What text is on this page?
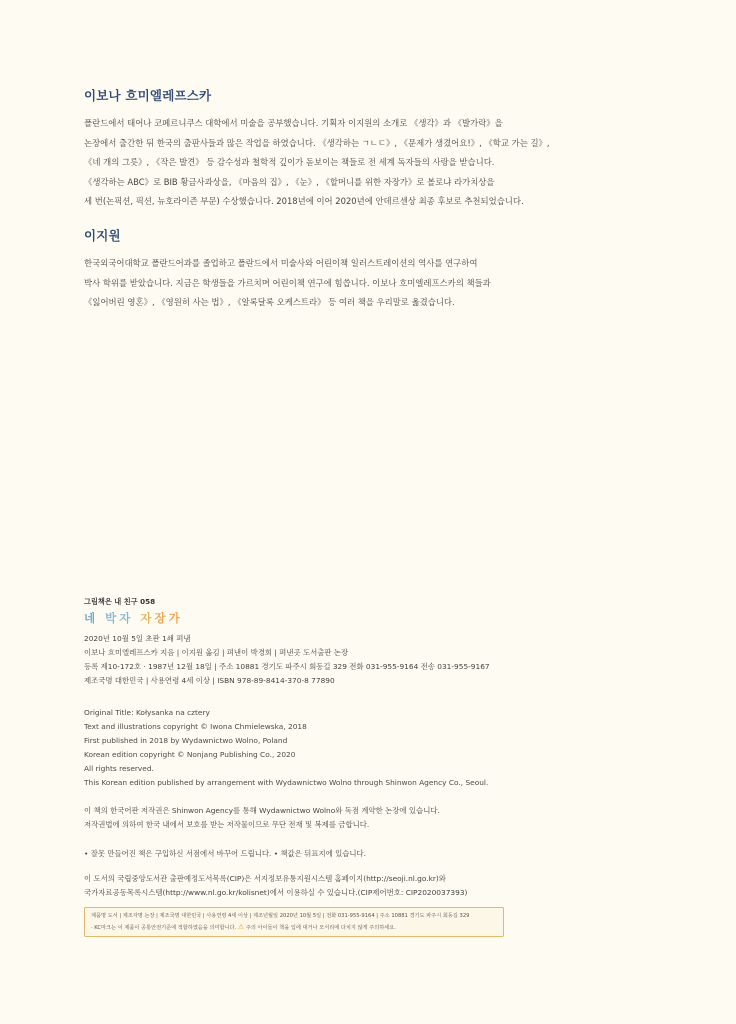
이보나 흐미엘레프스카

폴란드에서 태어나 코페르니쿠스 대학에서 미술을 공부했습니다. 기획자 이지원의 소개로 《생각》과 《발가락》을

논장에서 출간한 뒤 한국의 출판사들과 많은 작업을 하였습니다. 《생각하는 ㄱㄴㄷ》, 《문제가 생겼어요!》, 《학교 가는 길》,

《네 개의 그릇》, 《작은 발견》 등 감수성과 철학적 깊이가 돋보이는 책들로 전 세계 독자들의 사랑을 받습니다.

《생각하는 ABC》로 BIB 황금사과상을, 《마음의 집》, 《눈》, 《할머니를 위한 자장가》로 볼로냐 라가치상을

세 번(논픽션, 픽션, 뉴호라이즌 부문) 수상했습니다. 2018년에 이어 2020년에 안데르센상 최종 후보로 추천되었습니다.

이지원

한국외국어대학교 폴란드어과를 졸업하고 폴란드에서 미술사와 어린이책 일러스트레이션의 역사를 연구하여

박사 학위를 받았습니다. 지금은 학생들을 가르치며 어린이책 연구에 힘씁니다. 이보나 흐미엘레프스카의 책들과

《잃어버린 영혼》, 《영원히 사는 법》, 《알록달록 오케스트라》 등 여러 책을 우리말로 옮겼습니다.

그림책은 내 친구 058
네 박자 자장가
2020년 10월 5일 초판 1쇄 펴냄
이보나 흐미엘레프스카 지음 | 이지원 옮김 | 펴낸이 박경희 | 펴낸곳 도서출판 논장
등록 제10-172호 · 1987년 12월 18일 | 주소 10881 경기도 파주시 회동길 329 전화 031-955-9164 전송 031-955-9167
제조국명 대한민국 | 사용연령 4세 이상 | ISBN 978-89-8414-370-8 77890
Original Title: Kołysanka na cztery
Text and illustrations copyright © Iwona Chmielewska, 2018
First published in 2018 by Wydawnictwo Wolno, Poland
Korean edition copyright © Nonjang Publishing Co., 2020
All rights reserved.
This Korean edition published by arrangement with Wydawnictwo Wolno through Shinwon Agency Co., Seoul.
이 책의 한국어판 저작권은 Shinwon Agency를 통해 Wydawnictwo Wolno와 독점 계약한 논장에 있습니다.
저작권법에 의하여 한국 내에서 보호를 받는 저작물이므로 무단 전재 및 복제를 금합니다.
• 잘못 만들어진 책은 구입하신 서점에서 바꾸어 드립니다. • 책값은 뒤표지에 있습니다.
이 도서의 국립중앙도서관 출판예정도서목록(CIP)은 서지정보유통지원시스템 홈페이지(http://seoji.nl.go.kr)와
국가자료공동목록시스템(http://www.nl.go.kr/kolisnet)에서 이용하실 수 있습니다.(CIP제어번호: CIP2020037393)
제품명 도서 | 제조자명 논장 | 제조국명 대한민국 | 사용연령 4세 이상 | 제조년월일 2020년 10월 5일 | 전화 031-955-9164 | 주소 10881 경기도 파주시 회동길 329
· KC마크는 이 제품이 공통안전기준에 적합하였음을 의미합니다. ⚠ 주의 아이들이 책을 입에 대거나 모서리에 다치지 않게 주의하세요.
